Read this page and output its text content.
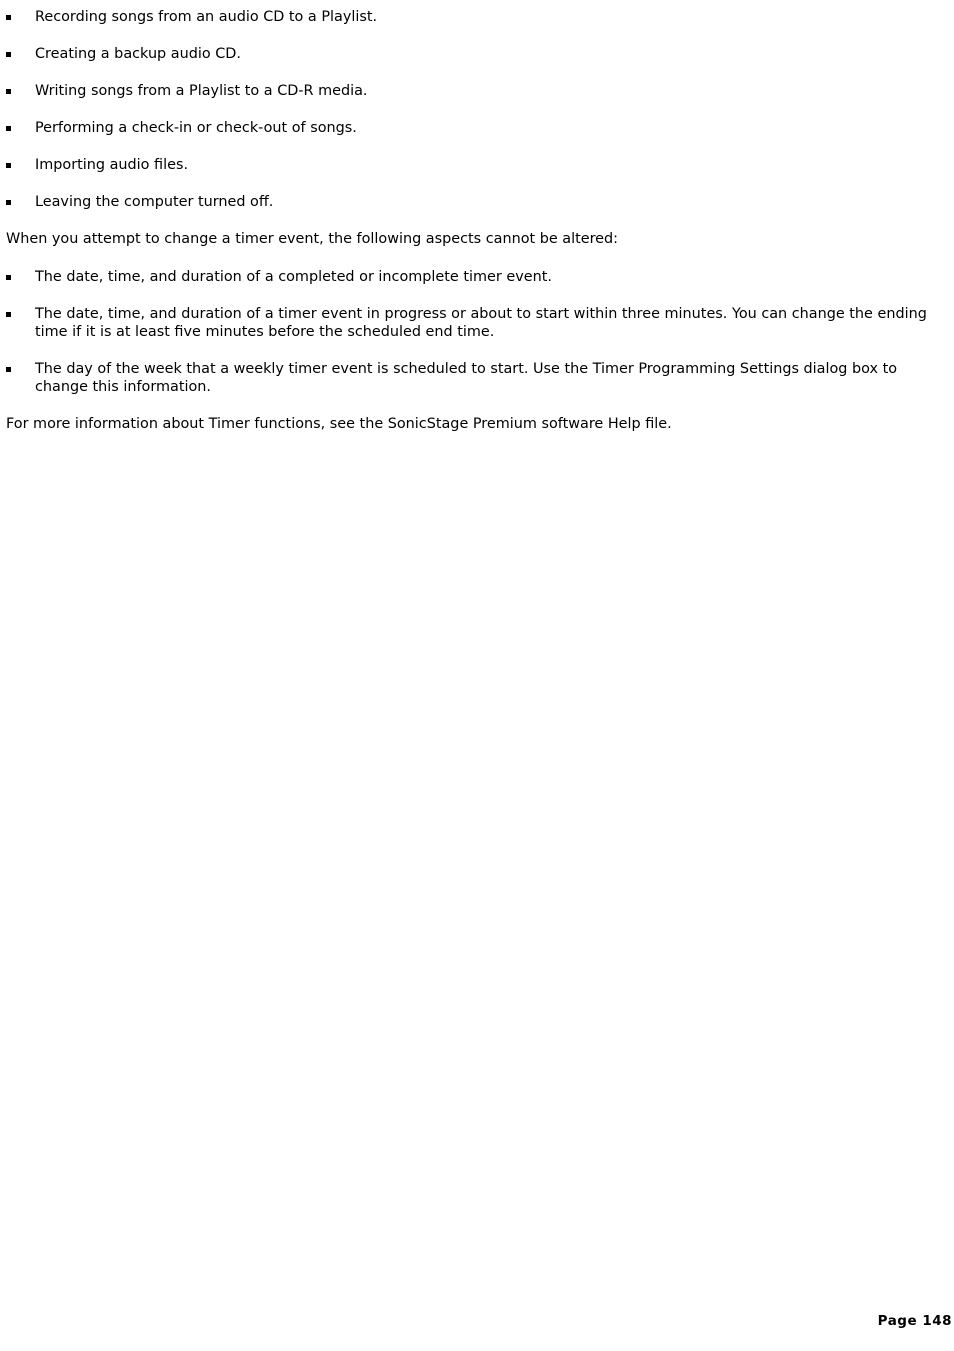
Recording songs from an audio CD to a Playlist.
Creating a backup audio CD.
Writing songs from a Playlist to a CD-R media.
Performing a check-in or check-out of songs.
Importing audio files.
Leaving the computer turned off.

When you attempt to change a timer event, the following aspects cannot be altered:

The date, time, and duration of a completed or incomplete timer event.
The date, time, and duration of a timer event in progress or about to start within three minutes. You can change the ending time if it is at least five minutes before the scheduled end time.
The day of the week that a weekly timer event is scheduled to start. Use the Timer Programming Settings dialog box to change this information.

For more information about Timer functions, see the SonicStage Premium software Help file.

Page 148
